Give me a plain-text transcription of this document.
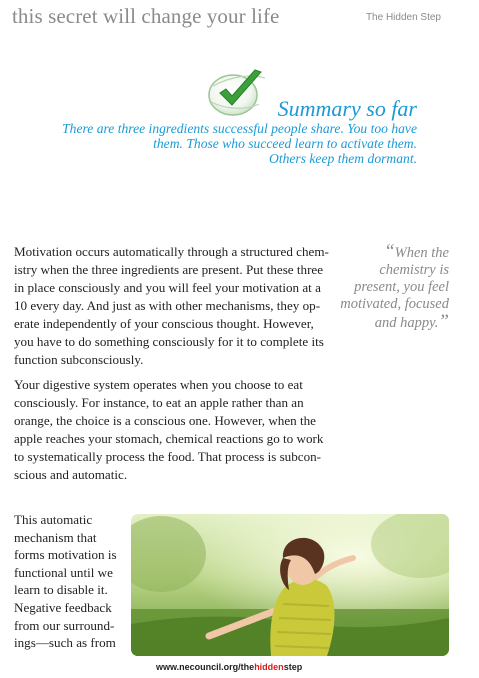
this secret will change your life	The Hidden Step
Summary so far
There are three ingredients successful people share. You too have
them. Those who succeed learn to activate them.
Others keep them dormant.

Motivation occurs automatically through a structured chem-istry when the three ingredients are present. Put these three in place consciously and you will feel your motivation at a 10 every day. And just as with other mechanisms, they op-erate independently of your conscious thought. However, you have to do something consciously for it to complete its function subconsciously.

Your digestive system operates when you choose to eat consciously. For instance, to eat an apple rather than an orange, the choice is a conscious one. However, when the apple reaches your stomach, chemical reactions go to work to systematically process the food. That process is subcon-scious and automatic.

“When the chemistry is present, you feel motivated, focused and happy.”
This automatic mechanism that forms motivation is functional until we learn to disable it. Negative feedback from our surround-ings—such as from
www.necouncil.org/thehiddenstep
